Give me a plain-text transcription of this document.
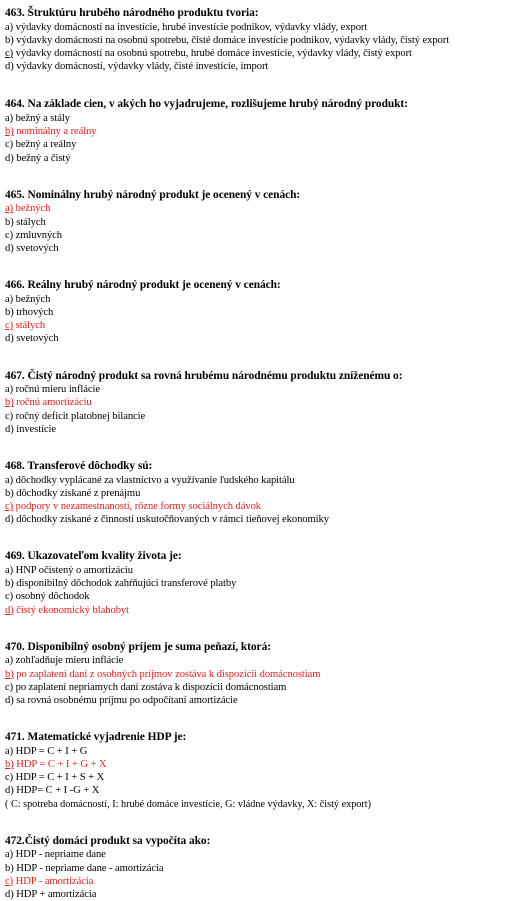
463. Štruktúru hrubého národného produktu tvoria:
a) výdavky domácností na investície, hrubé investície podnikov, výdavky vlády, export
b) výdavky domácností na osobnú spotrebu, čisté domáce investície podnikov, výdavky vlády, čistý export
c) výdavky domácností na osobnú spotrebu, hrubé domáce investície, výdavky vlády, čistý export
d) výdavky domácností, výdavky vlády, čisté investície, import
464. Na základe cien, v akých ho vyjadrujeme, rozlišujeme hrubý národný produkt:
a) bežný a stály
b) nominálny a reálny
c) bežný a reálny
d) bežný a čistý
465. Nominálny hrubý národný produkt je ocenený v cenách:
a) bežných
b) stálych
c) zmluvných
d) svetových
466. Reálny hrubý národný produkt je ocenený v cenách:
a) bežných
b) trhových
c) stálych
d) svetových
467. Čistý národný produkt sa rovná hrubému národnému produktu zníženému o:
a) ročnú mieru inflácie
b) ročnú amortizáciu
c) ročný deficit platobnej bilancie
d) investície
468. Transferové dôchodky sú:
a) dôchodky vyplácané za vlastníctvo a využívanie ľudského kapitálu
b) dôchodky získané z prenájmu
c) podpory v nezamestnanosti, rôzne formy sociálnych dávok
d) dôchodky získané z činností uskutočňovaných v rámci tieňovej ekonomiky
469. Ukazovateľom kvality života je:
a) HNP očistený o amortizáciu
b) disponibilný dôchodok zahŕňujúci transferové platby
c) osobný dôchodok
d) čistý ekonomický blahobyt
470. Disponibilný osobný príjem je suma peňazí, ktorá:
a) zohľadňuje mieru inflácie
b) po zaplatení daní z osobných príjmov zostáva k dispozícii domácnostiam
c) po zaplatení nepriamych daní zostáva k dispozícii domácnostiam
d) sa rovná osobnému príjmu po odpočítaní amortizácie
471. Matematické vyjadrenie HDP je:
a) HDP = C + I + G
b) HDP = C + I + G + X
c) HDP = C + I + S + X
d) HDP= C + I -G + X
( C: spotreba domácností, I: hrubé domáce investície, G: vládne výdavky, X: čistý export)
472.Čistý domáci produkt sa vypočíta ako:
a) HDP - nepriame dane
b) HDP - nepriame dane - amortizácia
c) HDP - amortizácia
d) HDP + amortizácia
